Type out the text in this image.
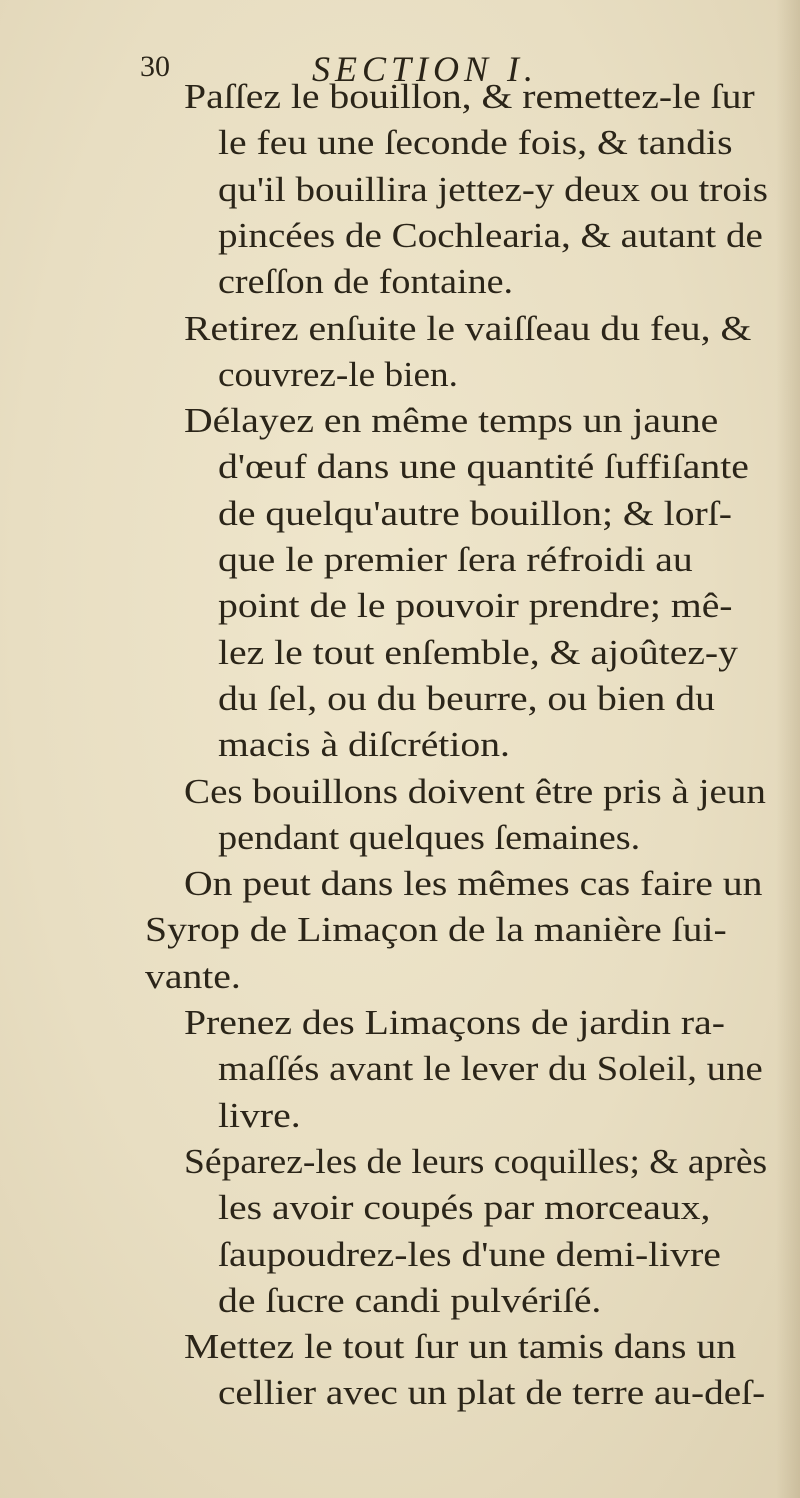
30	SECTION I.
Paſſez le bouillon, & remettez-le ſur
le feu une ſeconde fois, & tandis
qu'il bouillira jettez-y deux ou trois
pincées de Cochlearia, & autant de
creſſon de fontaine.
Retirez enſuite le vaiſſeau du feu, &
couvrez-le bien.
Délayez en même temps un jaune
d'œuf dans une quantité ſuffiſante
de quelqu'autre bouillon; & lorſ-
que le premier ſera réfroidi au
point de le pouvoir prendre; mê-
lez le tout enſemble, & ajoûtez-y
du ſel, ou du beurre, ou bien du
macis à diſcrétion.
Ces bouillons doivent être pris à jeun
pendant quelques ſemaines.
On peut dans les mêmes cas faire un
Syrop de Limaçon de la manière ſui-
vante.
Prenez des Limaçons de jardin ra-
maſſés avant le lever du Soleil, une
livre.
Séparez-les de leurs coquilles; & après
les avoir coupés par morceaux,
ſaupoudrez-les d'une demi-livre
de ſucre candi pulvériſé.
Mettez le tout ſur un tamis dans un
cellier avec un plat de terre au-deſ-
